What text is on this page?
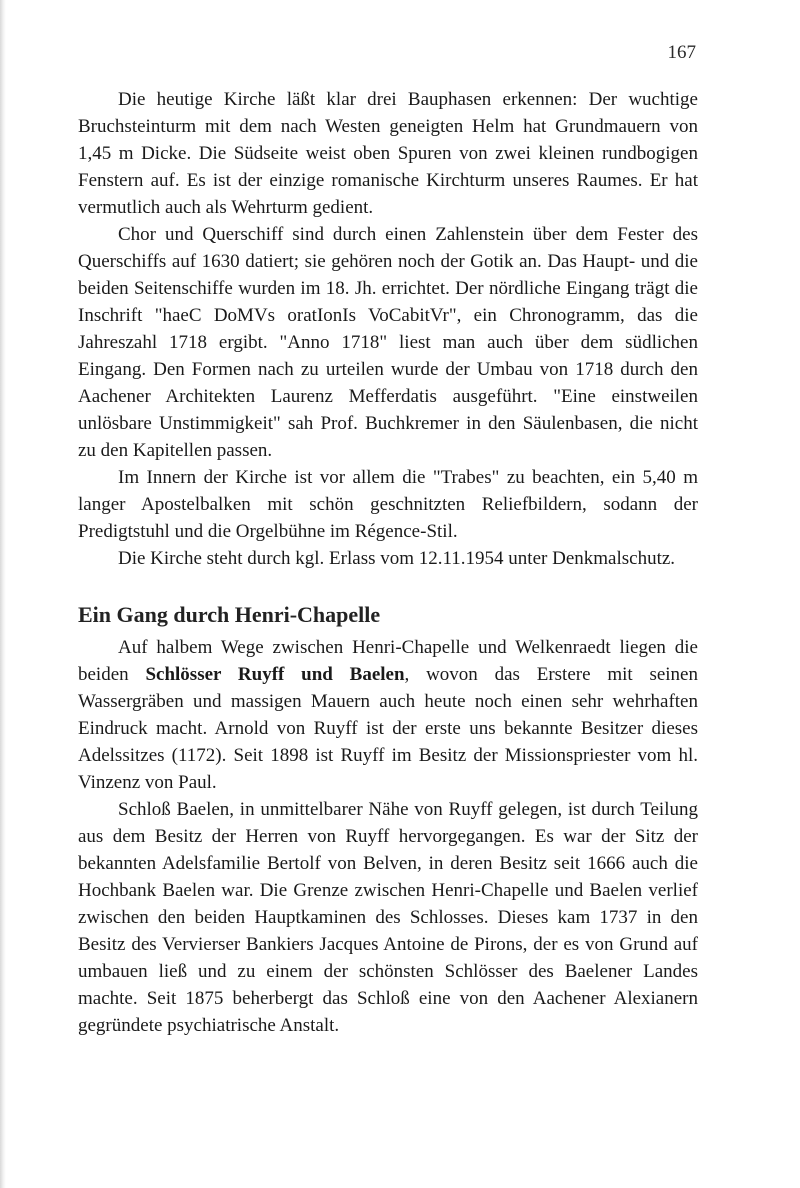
167

Die heutige Kirche läßt klar drei Bauphasen erkennen: Der wuchtige Bruchsteinturm mit dem nach Westen geneigten Helm hat Grundmauern von 1,45 m Dicke. Die Südseite weist oben Spuren von zwei kleinen rundbogigen Fenstern auf. Es ist der einzige romanische Kirchturm unseres Raumes. Er hat vermutlich auch als Wehrturm gedient.

Chor und Querschiff sind durch einen Zahlenstein über dem Fester des Querschiffs auf 1630 datiert; sie gehören noch der Gotik an. Das Haupt- und die beiden Seitenschiffe wurden im 18. Jh. errichtet. Der nördliche Eingang trägt die Inschrift "haeC DoMVs oratIonIs VoCabitVr", ein Chronogramm, das die Jahreszahl 1718 ergibt. "Anno 1718" liest man auch über dem südlichen Eingang. Den Formen nach zu urteilen wurde der Umbau von 1718 durch den Aachener Architekten Laurenz Mefferdatis ausgeführt. "Eine einstweilen unlösbare Unstimmigkeit" sah Prof. Buchkremer in den Säulenbasen, die nicht zu den Kapitellen passen.

Im Innern der Kirche ist vor allem die "Trabes" zu beachten, ein 5,40 m langer Apostelbalken mit schön geschnitzten Reliefbildern, sodann der Predigtstuhl und die Orgelbühne im Régence-Stil.

Die Kirche steht durch kgl. Erlass vom 12.11.1954 unter Denkmalschutz.

Ein Gang durch Henri-Chapelle

Auf halbem Wege zwischen Henri-Chapelle und Welkenraedt liegen die beiden Schlösser Ruyff und Baelen, wovon das Erstere mit seinen Wassergräben und massigen Mauern auch heute noch einen sehr wehrhaften Eindruck macht. Arnold von Ruyff ist der erste uns bekannte Besitzer dieses Adelssitzes (1172). Seit 1898 ist Ruyff im Besitz der Missionspriester vom hl. Vinzenz von Paul.

Schloß Baelen, in unmittelbarer Nähe von Ruyff gelegen, ist durch Teilung aus dem Besitz der Herren von Ruyff hervorgegangen. Es war der Sitz der bekannten Adelsfamilie Bertolf von Belven, in deren Besitz seit 1666 auch die Hochbank Baelen war. Die Grenze zwischen Henri-Chapelle und Baelen verlief zwischen den beiden Hauptkaminen des Schlosses. Dieses kam 1737 in den Besitz des Vervierser Bankiers Jacques Antoine de Pirons, der es von Grund auf umbauen ließ und zu einem der schönsten Schlösser des Baelener Landes machte. Seit 1875 beherbergt das Schloß eine von den Aachener Alexianern gegründete psychiatrische Anstalt.
